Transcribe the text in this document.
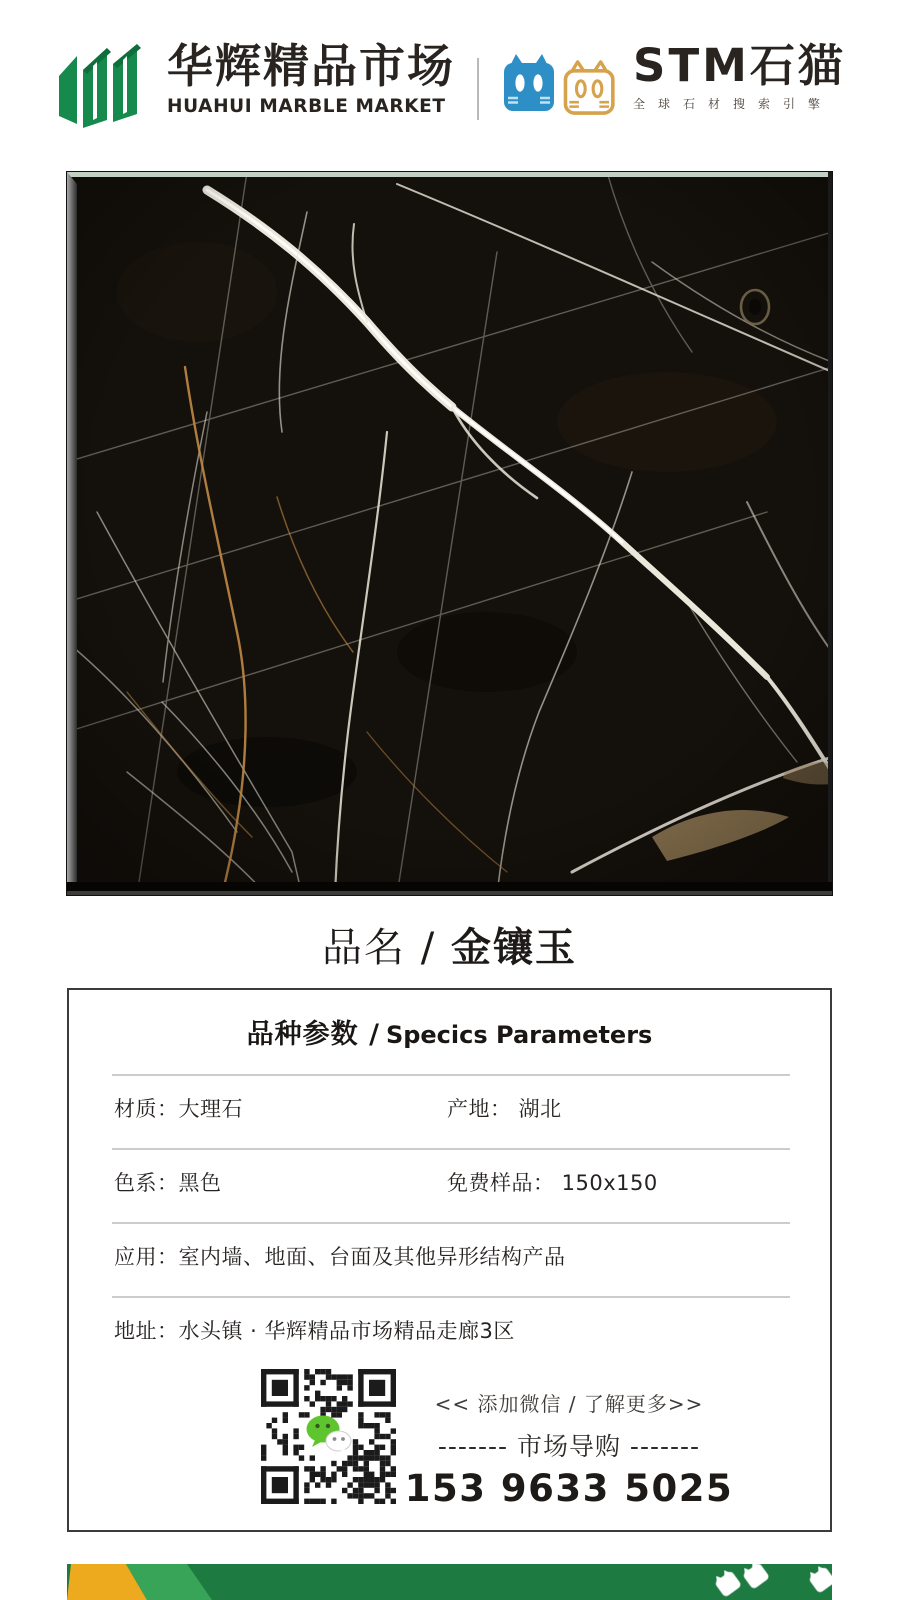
华辉精品市场
HUAHUI MARBLE MARKET
STM石猫
全球石材搜索引擎
品名 / 金镶玉
品种参数 / Specics Parameters
材质：大理石	产地： 湖北
色系：黑色	免费样品： 150x150
应用：室内墙、地面、台面及其他异形结构产品
地址：水头镇 · 华辉精品市场精品走廊3区
<< 添加微信 / 了解更多>>
------- 市场导购 -------
153 9633 5025
